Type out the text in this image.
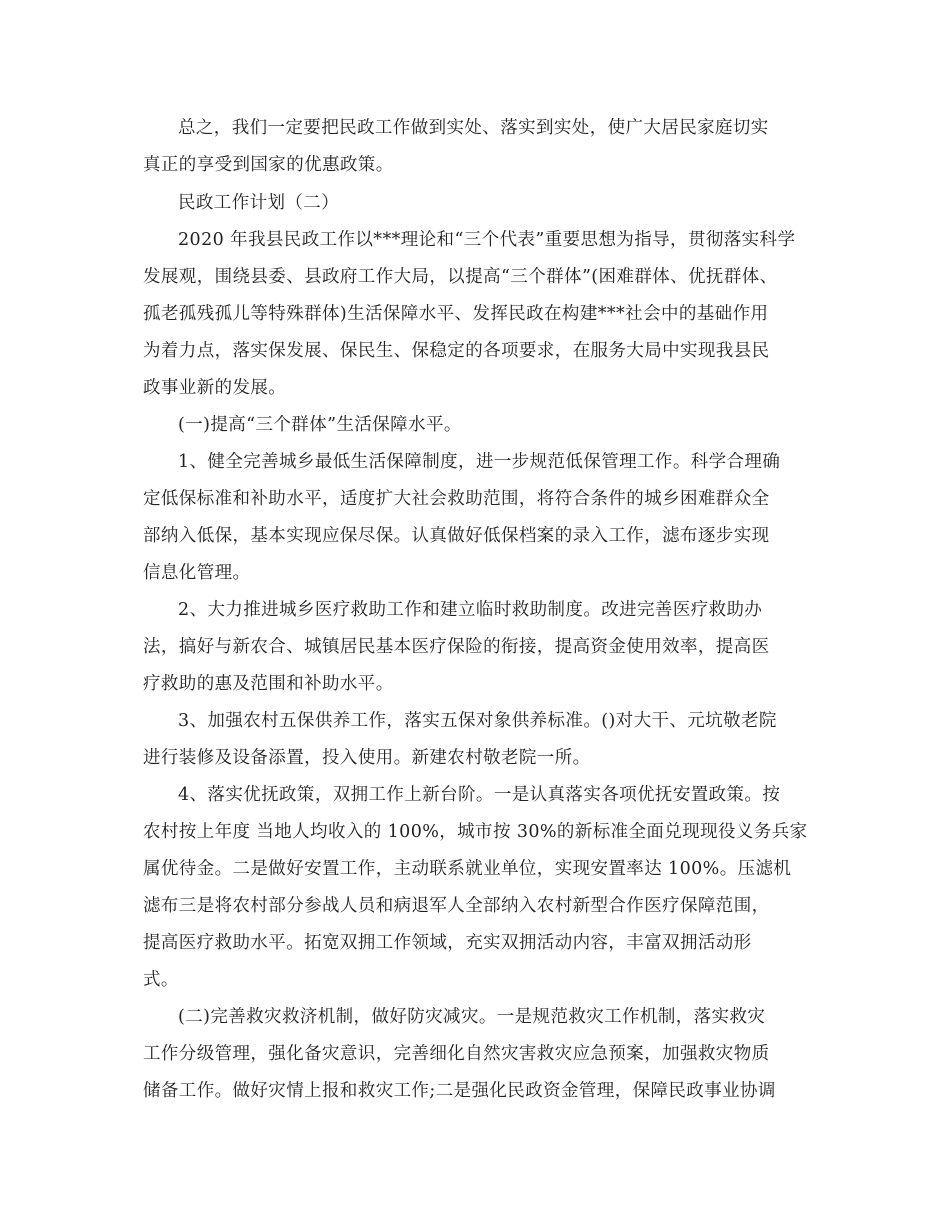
总之，我们一定要把民政工作做到实处、落实到实处，使广大居民家庭切实
真正的享受到国家的优惠政策。

民政工作计划（二）

2020 年我县民政工作以***理论和“三个代表”重要思想为指导，贯彻落实科学
发展观，围绕县委、县政府工作大局，以提高“三个群体”(困难群体、优抚群体、
孤老孤残孤儿等特殊群体)生活保障水平、发挥民政在构建***社会中的基础作用
为着力点，落实保发展、保民生、保稳定的各项要求，在服务大局中实现我县民
政事业新的发展。

(一)提高“三个群体”生活保障水平。

1、健全完善城乡最低生活保障制度，进一步规范低保管理工作。科学合理确
定低保标准和补助水平，适度扩大社会救助范围，将符合条件的城乡困难群众全
部纳入低保，基本实现应保尽保。认真做好低保档案的录入工作，滤布逐步实现
信息化管理。

2、大力推进城乡医疗救助工作和建立临时救助制度。改进完善医疗救助办
法，搞好与新农合、城镇居民基本医疗保险的衔接，提高资金使用效率，提高医
疗救助的惠及范围和补助水平。

3、加强农村五保供养工作，落实五保对象供养标准。()对大干、元坑敬老院
进行装修及设备添置，投入使用。新建农村敬老院一所。

4、落实优抚政策，双拥工作上新台阶。一是认真落实各项优抚安置政策。按
农村按上年度 当地人均收入的 100%，城市按 30%的新标准全面兑现现役义务兵家
属优待金。二是做好安置工作，主动联系就业单位，实现安置率达 100%。压滤机
滤布三是将农村部分参战人员和病退军人全部纳入农村新型合作医疗保障范围，
提高医疗救助水平。拓宽双拥工作领域，充实双拥活动内容，丰富双拥活动形
式。

(二)完善救灾救济机制，做好防灾减灾。一是规范救灾工作机制，落实救灾
工作分级管理，强化备灾意识，完善细化自然灾害救灾应急预案，加强救灾物质
储备工作。做好灾情上报和救灾工作;二是强化民政资金管理，保障民政事业协调
